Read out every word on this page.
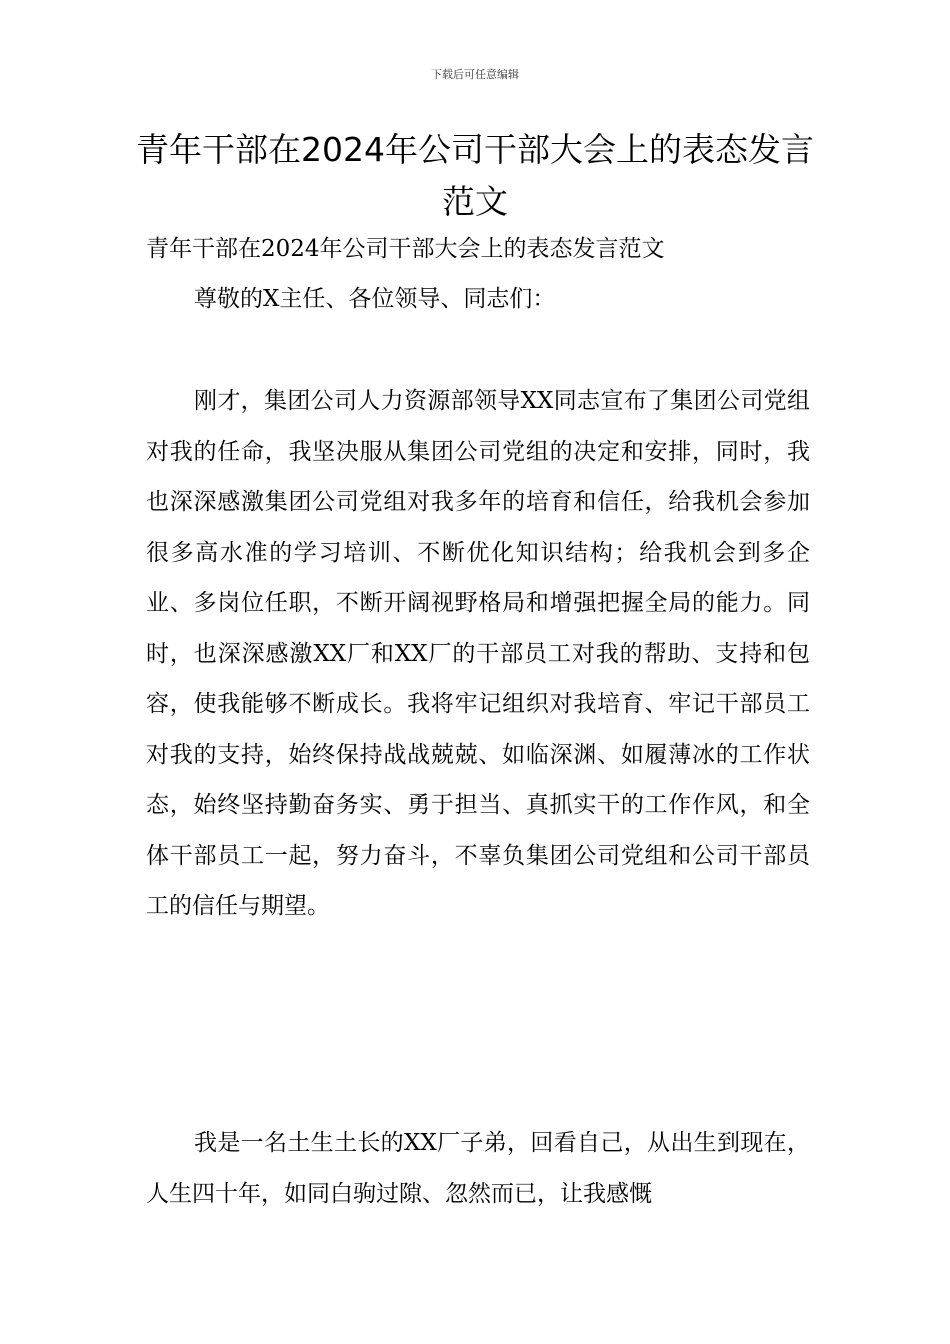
下载后可任意编辑
青年干部在2024年公司干部大会上的表态发言范文
青年干部在2024年公司干部大会上的表态发言范文
尊敬的X主任、各位领导、同志们：

刚才，集团公司人力资源部领导XX同志宣布了集团公司党组对我的任命，我坚决服从集团公司党组的决定和安排，同时，我也深深感激集团公司党组对我多年的培育和信任，给我机会参加很多高水准的学习培训、不断优化知识结构；给我机会到多企业、多岗位任职，不断开阔视野格局和增强把握全局的能力。同时，也深深感激XX厂和XX厂的干部员工对我的帮助、支持和包容，使我能够不断成长。我将牢记组织对我培育、牢记干部员工对我的支持，始终保持战战兢兢、如临深渊、如履薄冰的工作状态，始终坚持勤奋务实、勇于担当、真抓实干的工作作风，和全体干部员工一起，努力奋斗，不辜负集团公司党组和公司干部员工的信任与期望。

我是一名土生土长的XX厂子弟，回看自己，从出生到现在，人生四十年，如同白驹过隙、忽然而已，让我感慨
